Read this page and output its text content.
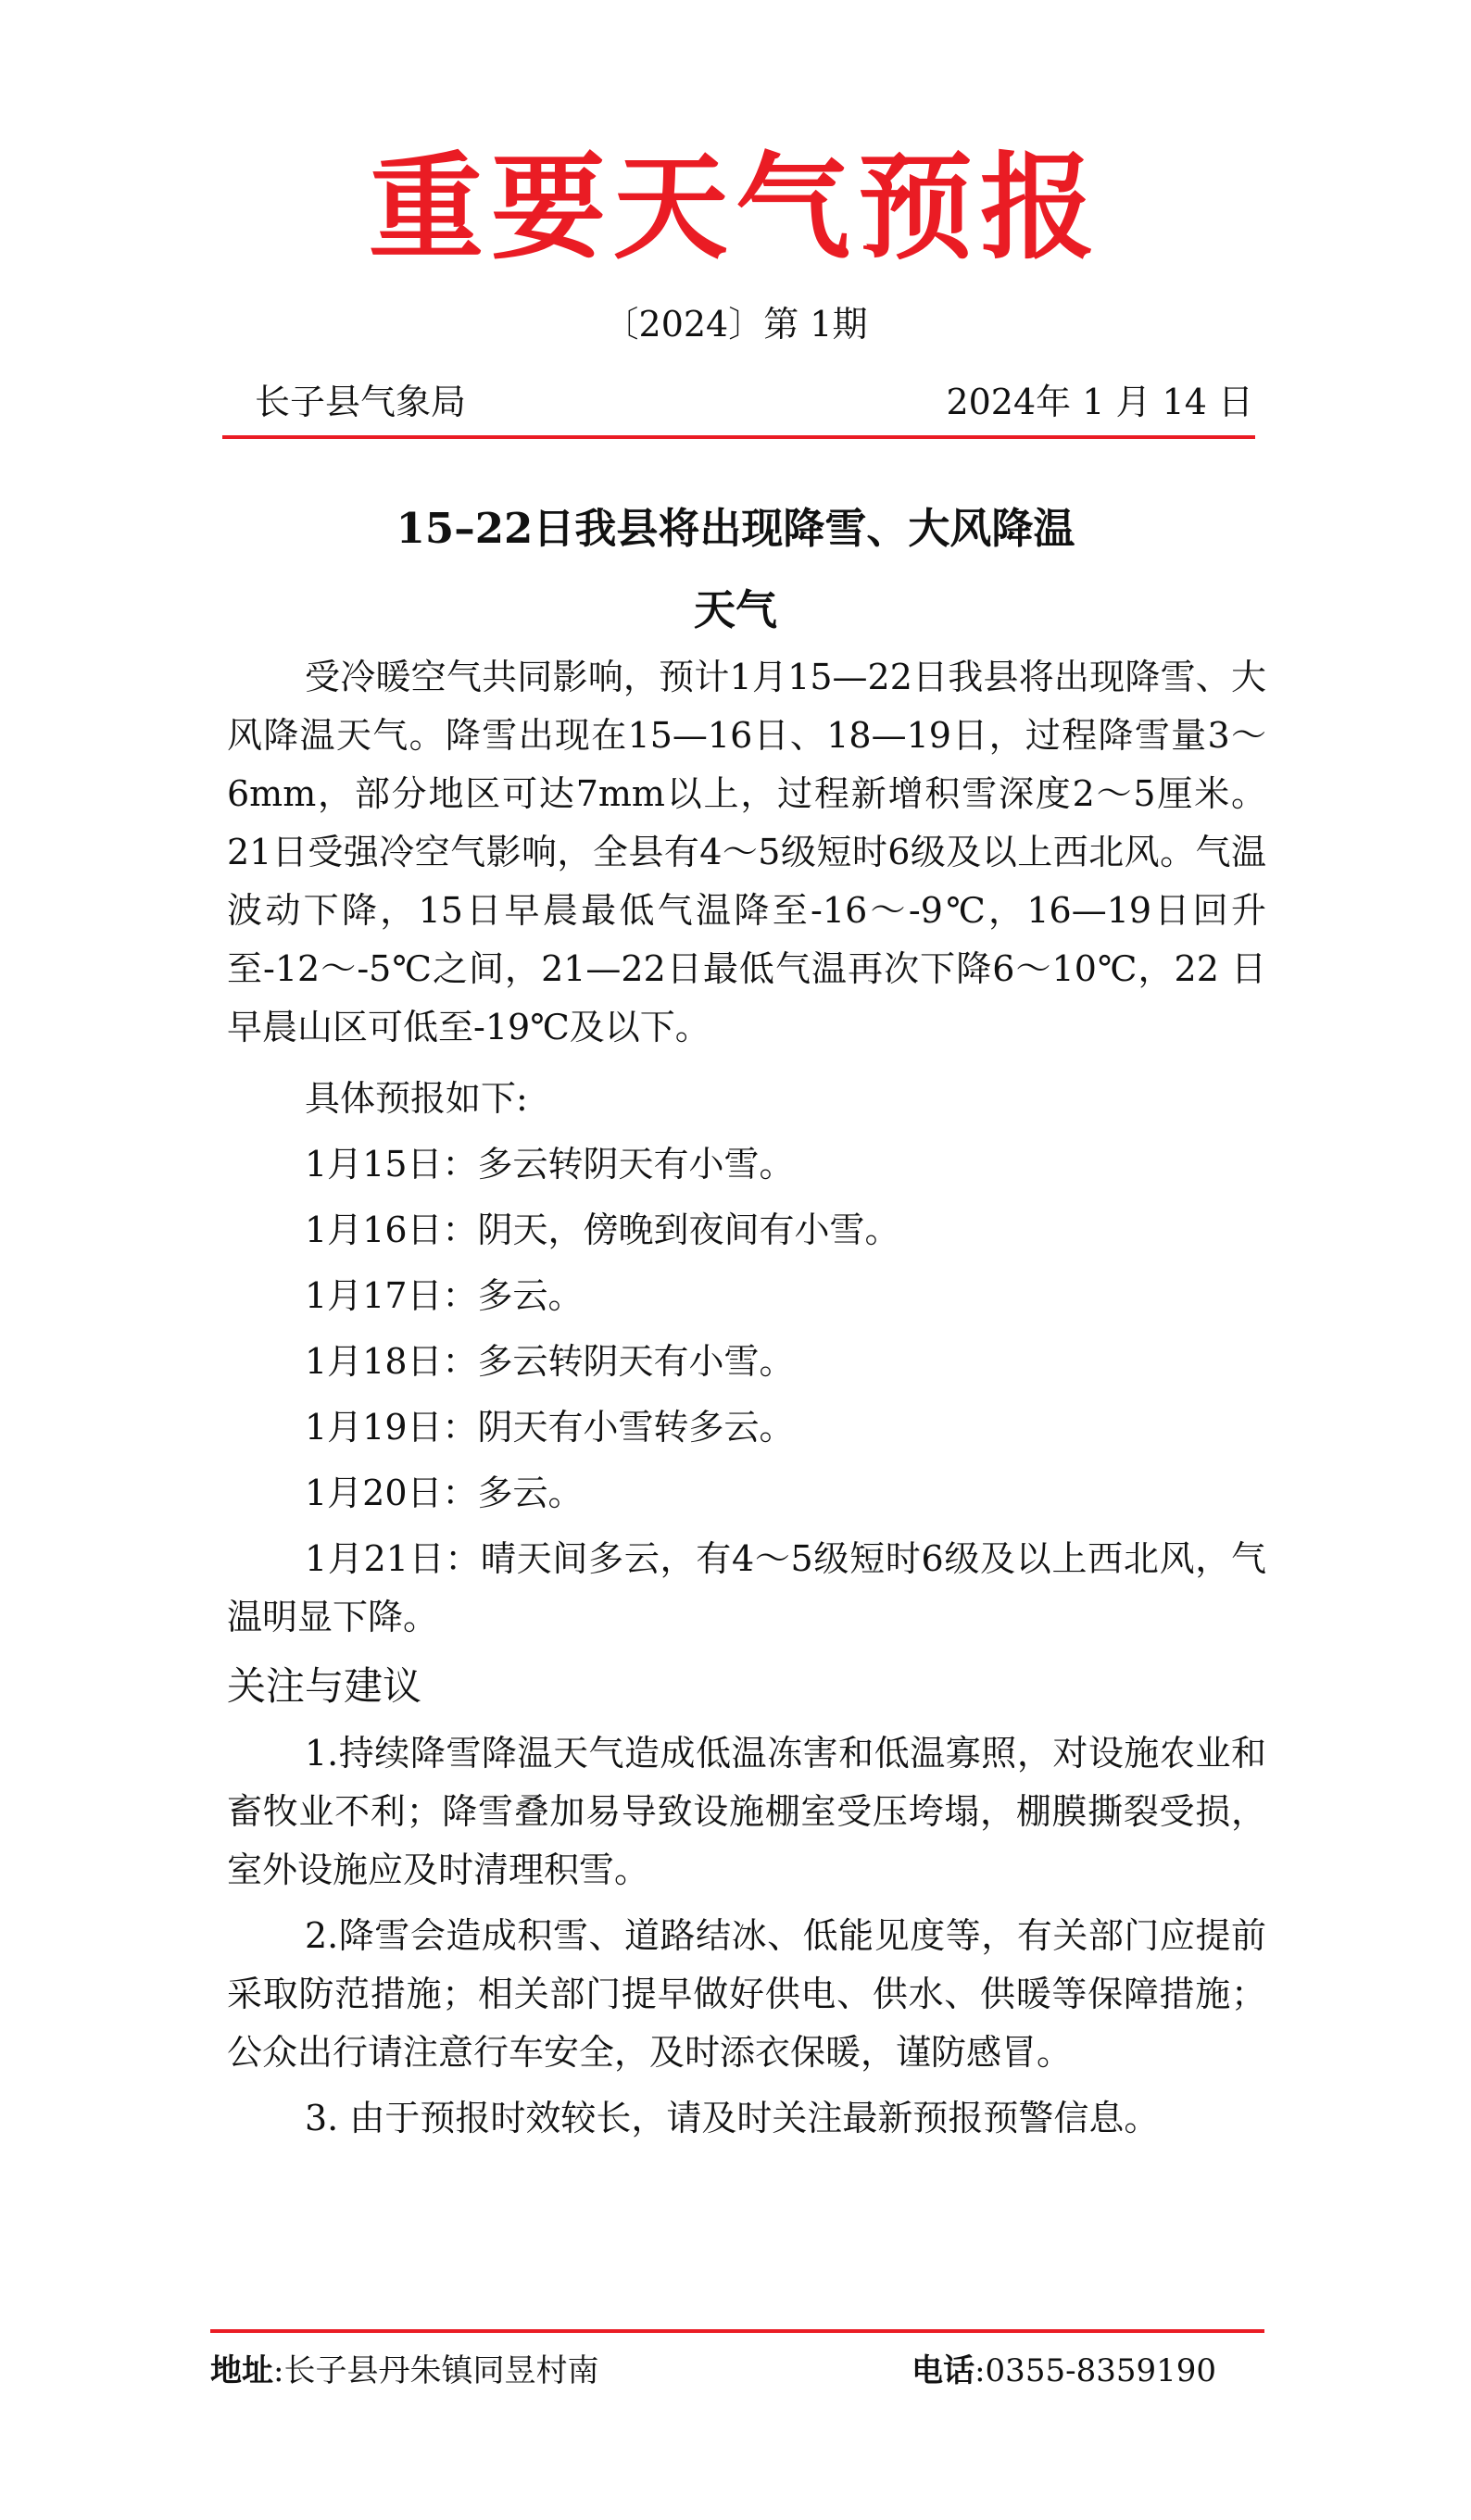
重要天气预报
〔2024〕第 1期
长子县气象局	2024年 1 月 14 日
15–22日我县将出现降雪、大风降温
天气

受冷暖空气共同影响，预计1月15—22日我县将出现降雪、大风降温天气。降雪出现在15—16日、18—19日，过程降雪量3～6mm，部分地区可达7mm以上，过程新增积雪深度2～5厘米。21日受强冷空气影响，全县有4～5级短时6级及以上西北风。气温波动下降，15日早晨最低气温降至-16～-9℃，16—19日回升至-12～-5℃之间，21—22日最低气温再次下降6～10℃，22 日早晨山区可低至-19℃及以下。

具体预报如下:

1月15日：多云转阴天有小雪。

1月16日：阴天，傍晚到夜间有小雪。

1月17日：多云。

1月18日：多云转阴天有小雪。

1月19日：阴天有小雪转多云。

1月20日：多云。

1月21日：晴天间多云，有4～5级短时6级及以上西北风，气温明显下降。

关注与建议

1.持续降雪降温天气造成低温冻害和低温寡照，对设施农业和畜牧业不利；降雪叠加易导致设施棚室受压垮塌，棚膜撕裂受损，室外设施应及时清理积雪。

2.降雪会造成积雪、道路结冰、低能见度等，有关部门应提前采取防范措施；相关部门提早做好供电、供水、供暖等保障措施；公众出行请注意行车安全，及时添衣保暖，谨防感冒。

3. 由于预报时效较长，请及时关注最新预报预警信息。

地址:长子县丹朱镇同昱村南	电话:0355-8359190
